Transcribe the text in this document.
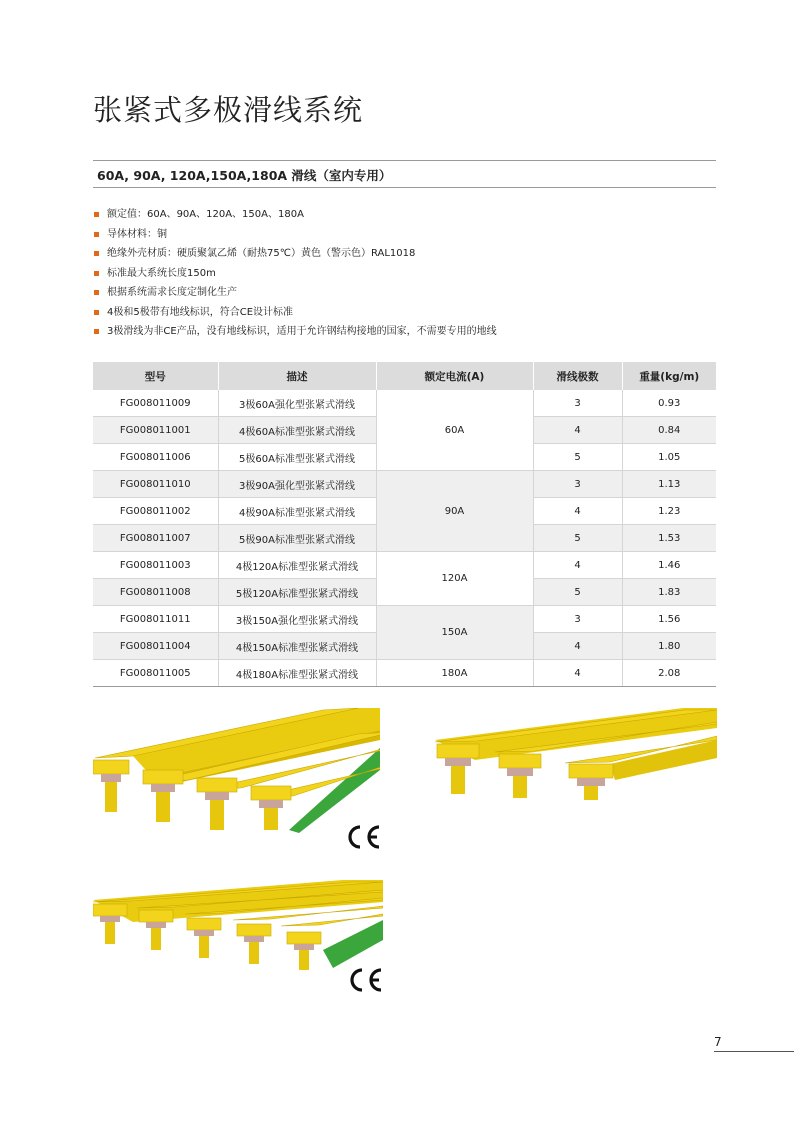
张紧式多极滑线系统
60A, 90A, 120A,150A,180A 滑线（室内专用）
额定值：60A、90A、120A、150A、180A
导体材料：铜
绝缘外壳材质：硬质聚氯乙烯（耐热75℃）黄色（警示色）RAL1018
标准最大系统长度150m
根据系统需求长度定制化生产
4极和5极带有地线标识，符合CE设计标准
3极滑线为非CE产品，没有地线标识，适用于允许钢结构接地的国家，不需要专用的地线
型号	描述	额定电流(A)	滑线极数	重量(kg/m)
FG008011009	3极60A强化型张紧式滑线	60A	3	0.93
FG008011001	4极60A标准型张紧式滑线		4	0.84
FG008011006	5极60A标准型张紧式滑线		5	1.05
FG008011010	3极90A强化型张紧式滑线	90A	3	1.13
FG008011002	4极90A标准型张紧式滑线		4	1.23
FG008011007	5极90A标准型张紧式滑线		5	1.53
FG008011003	4极120A标准型张紧式滑线	120A	4	1.46
FG008011008	5极120A标准型张紧式滑线		5	1.83
FG008011011	3极150A强化型张紧式滑线	150A	3	1.56
FG008011004	4极150A标准型张紧式滑线		4	1.80
FG008011005	4极180A标准型张紧式滑线	180A	4	2.08
7
